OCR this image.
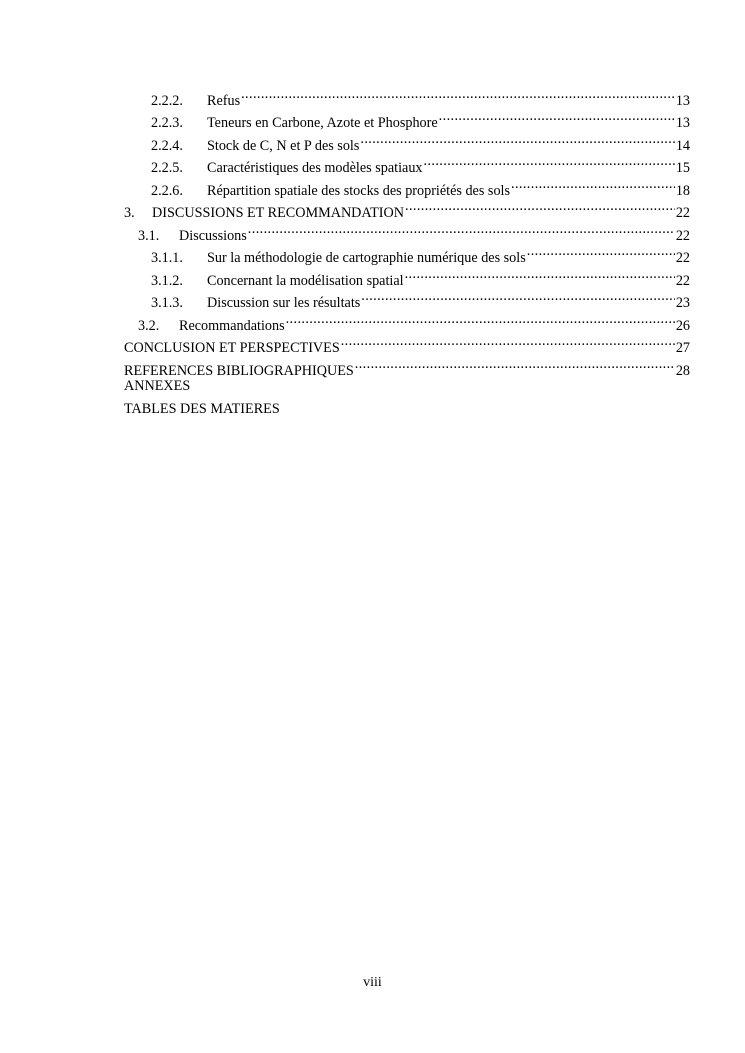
2.2.2.	Refus .....	13
2.2.3.	Teneurs en Carbone, Azote et Phosphore .....	13
2.2.4.	Stock de C, N et P des sols .....	14
2.2.5.	Caractéristiques des modèles spatiaux .....	15
2.2.6.	Répartition spatiale des stocks des propriétés des sols .....	18
3.	DISCUSSIONS ET RECOMMANDATION .....	22
3.1.	Discussions .....	22
3.1.1.	Sur la méthodologie de cartographie numérique des sols .....	22
3.1.2.	Concernant la modélisation spatial .....	22
3.1.3.	Discussion sur les résultats .....	23
3.2.	Recommandations .....	26
CONCLUSION ET PERSPECTIVES .....	27
REFERENCES BIBLIOGRAPHIQUES .....	28
ANNEXES
TABLES DES MATIERES
viii
